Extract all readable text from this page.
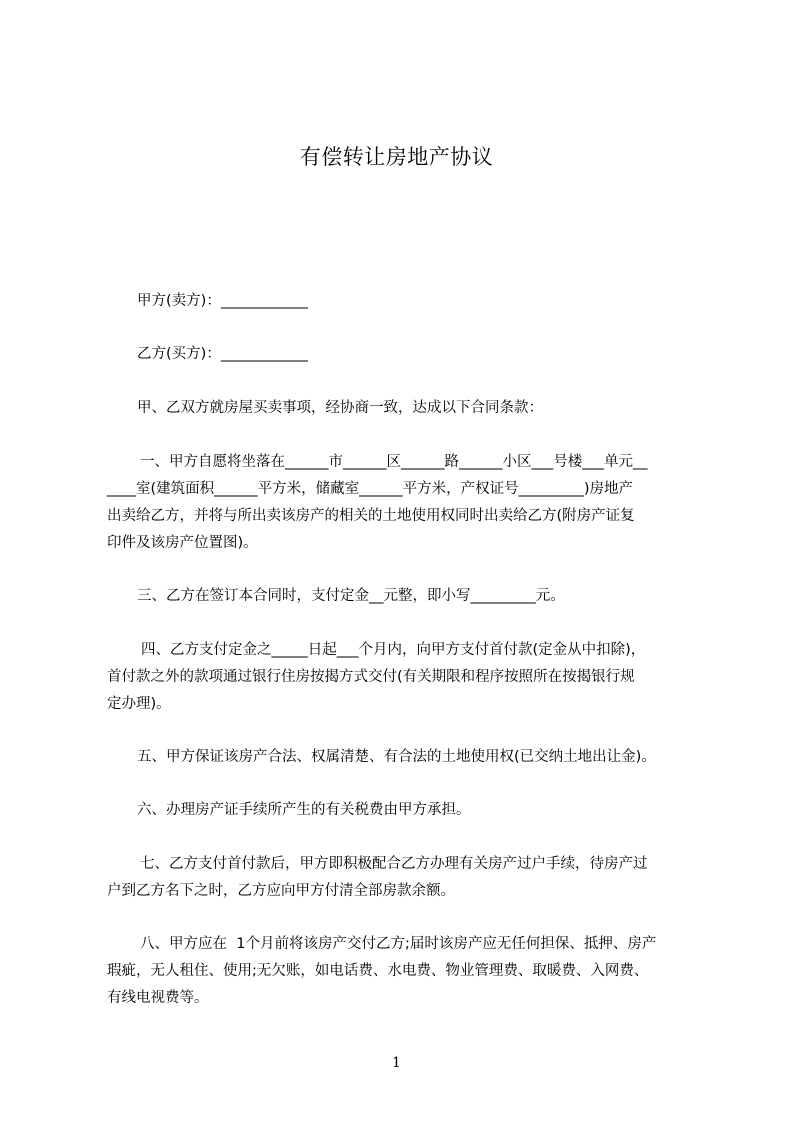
有偿转让房地产协议
甲方(卖方)：____________
乙方(买方)：____________
甲、乙双方就房屋买卖事项，经协商一致，达成以下合同条款：
一、甲方自愿将坐落在______市______区______路______小区___号楼___单元__
____室(建筑面积______平方米，储藏室______平方米，产权证号_________)房地产
出卖给乙方，并将与所出卖该房产的相关的土地使用权同时出卖给乙方(附房产证复
印件及该房产位置图)。
三、乙方在签订本合同时，支付定金__元整，即小写_________元。
四、乙方支付定金之_____日起___个月内，向甲方支付首付款(定金从中扣除)，
首付款之外的款项通过银行住房按揭方式交付(有关期限和程序按照所在按揭银行规
定办理)。
五、甲方保证该房产合法、权属清楚、有合法的土地使用权(已交纳土地出让金)。
六、办理房产证手续所产生的有关税费由甲方承担。
七、乙方支付首付款后，甲方即积极配合乙方办理有关房产过户手续，待房产过
户到乙方名下之时，乙方应向甲方付清全部房款余额。
八、甲方应在  1个月前将该房产交付乙方;届时该房产应无任何担保、抵押、房产
瑕疵，无人租住、使用;无欠账，如电话费、水电费、物业管理费、取暖费、入网费、
有线电视费等。
1
